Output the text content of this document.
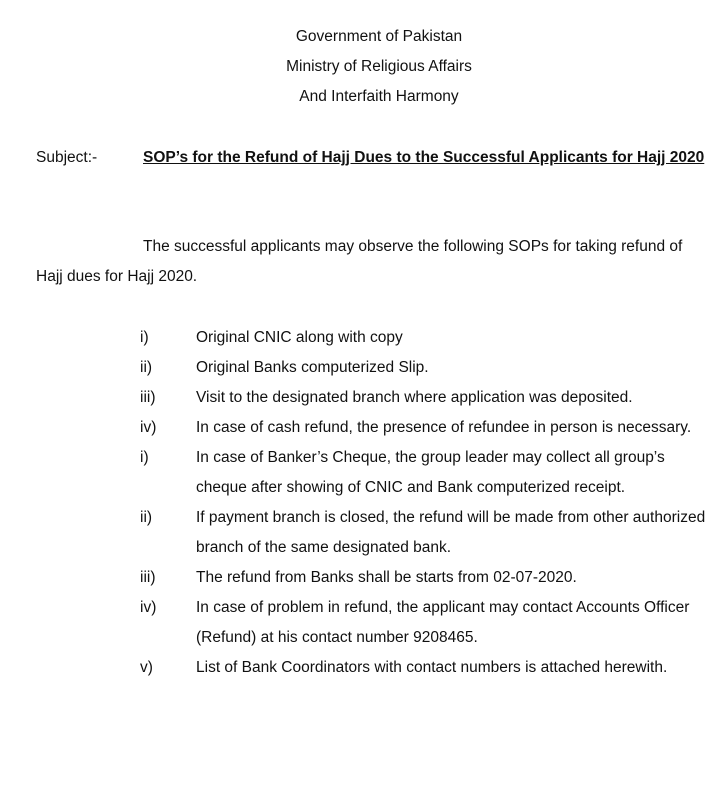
Government of Pakistan
Ministry of Religious Affairs
And Interfaith Harmony
Subject:-	SOP’s for the Refund of Hajj Dues to the Successful Applicants for Hajj 2020
The successful applicants may observe the following SOPs for taking refund of Hajj dues for Hajj 2020.
i)	Original CNIC along with copy
ii)	Original Banks computerized Slip.
iii)	Visit to the designated branch where application was deposited.
iv)	In case of cash refund, the presence of refundee in person is necessary.
i)	In case of Banker’s Cheque, the group leader may collect all group’s cheque after showing of CNIC and Bank computerized receipt.
ii)	If payment branch is closed, the refund will be made from other authorized branch of the same designated bank.
iii)	The refund from Banks shall be starts from 02-07-2020.
iv)	In case of problem in refund, the applicant may contact Accounts Officer (Refund) at his contact number 9208465.
v)	List of Bank Coordinators with contact numbers is attached herewith.
